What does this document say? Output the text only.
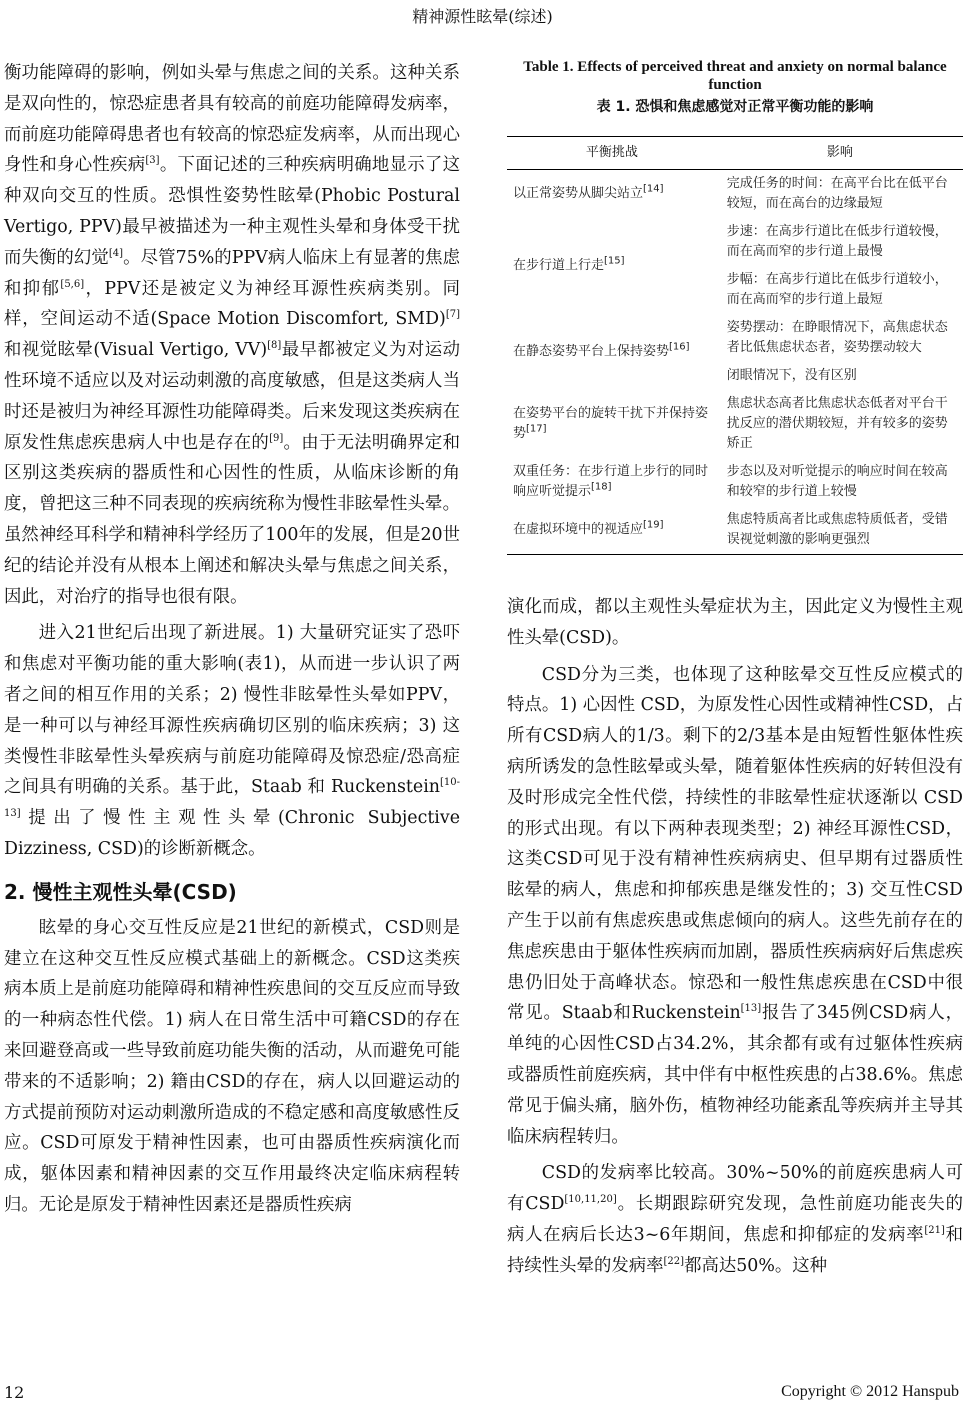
精神源性眩晕(综述)

衡功能障碍的影响，例如头晕与焦虑之间的关系。这种关系是双向性的，惊恐症患者具有较高的前庭功能障碍发病率，而前庭功能障碍患者也有较高的惊恐症发病率，从而出现心身性和身心性疾病[3]。下面记述的三种疾病明确地显示了这种双向交互的性质。恐惧性姿势性眩晕(Phobic Postural Vertigo, PPV)最早被描述为一种主观性头晕和身体受干扰而失衡的幻觉[4]。尽管75%的PPV病人临床上有显著的焦虑和抑郁[5,6]，PPV还是被定义为神经耳源性疾病类别。同样，空间运动不适(Space Motion Discomfort, SMD)[7]和视觉眩晕(Visual Vertigo, VV)[8]最早都被定义为对运动性环境不适应以及对运动刺激的高度敏感，但是这类病人当时还是被归为神经耳源性功能障碍类。后来发现这类疾病在原发性焦虑疾患病人中也是存在的[9]。由于无法明确界定和区别这类疾病的器质性和心因性的性质，从临床诊断的角度，曾把这三种不同表现的疾病统称为慢性非眩晕性头晕。虽然神经耳科学和精神科学经历了100年的发展，但是20世纪的结论并没有从根本上阐述和解决头晕与焦虑之间关系，因此，对治疗的指导也很有限。

进入21世纪后出现了新进展。1) 大量研究证实了恐吓和焦虑对平衡功能的重大影响(表1)，从而进一步认识了两者之间的相互作用的关系；2) 慢性非眩晕性头晕如PPV，是一种可以与神经耳源性疾病确切区别的临床疾病；3) 这类慢性非眩晕性头晕疾病与前庭功能障碍及惊恐症/恐高症之间具有明确的关系。基于此，Staab 和 Ruckenstein[10-13]提出了慢性主观性头晕(Chronic Subjective Dizziness, CSD)的诊断新概念。

2. 慢性主观性头晕(CSD)

眩晕的身心交互性反应是21世纪的新模式，CSD则是建立在这种交互性反应模式基础上的新概念。CSD这类疾病本质上是前庭功能障碍和精神性疾患间的交互反应而导致的一种病态性代偿。1) 病人在日常生活中可籍CSD的存在来回避登高或一些导致前庭功能失衡的活动，从而避免可能带来的不适影响；2) 籍由CSD的存在，病人以回避运动的方式提前预防对运动刺激所造成的不稳定感和高度敏感性反应。CSD可原发于精神性因素，也可由器质性疾病演化而成，躯体因素和精神因素的交互作用最终决定临床病程转归。无论是原发于精神性因素还是器质性疾病

Table 1. Effects of perceived threat and anxiety on normal balance function
表 1. 恐惧和焦虑感觉对正常平衡功能的影响
平衡挑战	影响
以正常姿势从脚尖站立[14]	完成任务的时间：在高平台比在低平台较短，而在高台的边缘最短
在步行道上行走[15]	步速：在高步行道比在低步行道较慢，而在高而窄的步行道上最慢
	步幅：在高步行道比在低步行道较小，而在高而窄的步行道上最短
在静态姿势平台上保持姿势[16]	姿势摆动：在睁眼情况下，高焦虑状态者比低焦虑状态者，姿势摆动较大
	闭眼情况下，没有区别
在姿势平台的旋转干扰下并保持姿势[17]	焦虑状态高者比焦虑状态低者对平台干扰反应的潜伏期较短，并有较多的姿势矫正
双重任务：在步行道上步行的同时响应听觉提示[18]	步态以及对听觉提示的响应时间在较高和较窄的步行道上较慢
在虚拟环境中的视适应[19]	焦虑特质高者比或焦虑特质低者，受错误视觉刺激的影响更强烈

演化而成，都以主观性头晕症状为主，因此定义为慢性主观性头晕(CSD)。

CSD分为三类，也体现了这种眩晕交互性反应模式的特点。1) 心因性 CSD，为原发性心因性或精神性CSD，占所有CSD病人的1/3。剩下的2/3基本是由短暂性躯体性疾病所诱发的急性眩晕或头晕，随着躯体性疾病的好转但没有及时形成完全性代偿，持续性的非眩晕性症状逐渐以 CSD 的形式出现。有以下两种表现类型；2) 神经耳源性CSD，这类CSD可见于没有精神性疾病病史、但早期有过器质性眩晕的病人，焦虑和抑郁疾患是继发性的；3) 交互性CSD产生于以前有焦虑疾患或焦虑倾向的病人。这些先前存在的焦虑疾患由于躯体性疾病而加剧，器质性疾病病好后焦虑疾患仍旧处于高峰状态。惊恐和一般性焦虑疾患在CSD中很常见。Staab和Ruckenstein[13]报告了345例CSD病人，单纯的心因性CSD占34.2%，其余都有或有过躯体性疾病或器质性前庭疾病，其中伴有中枢性疾患的占38.6%。焦虑常见于偏头痛，脑外伤，植物神经功能紊乱等疾病并主导其临床病程转归。

CSD的发病率比较高。30%~50%的前庭疾患病人可有CSD[10,11,20]。长期跟踪研究发现，急性前庭功能丧失的病人在病后长达3~6年期间，焦虑和抑郁症的发病率[21]和持续性头晕的发病率[22]都高达50%。这种

12	Copyright © 2012 Hanspub
